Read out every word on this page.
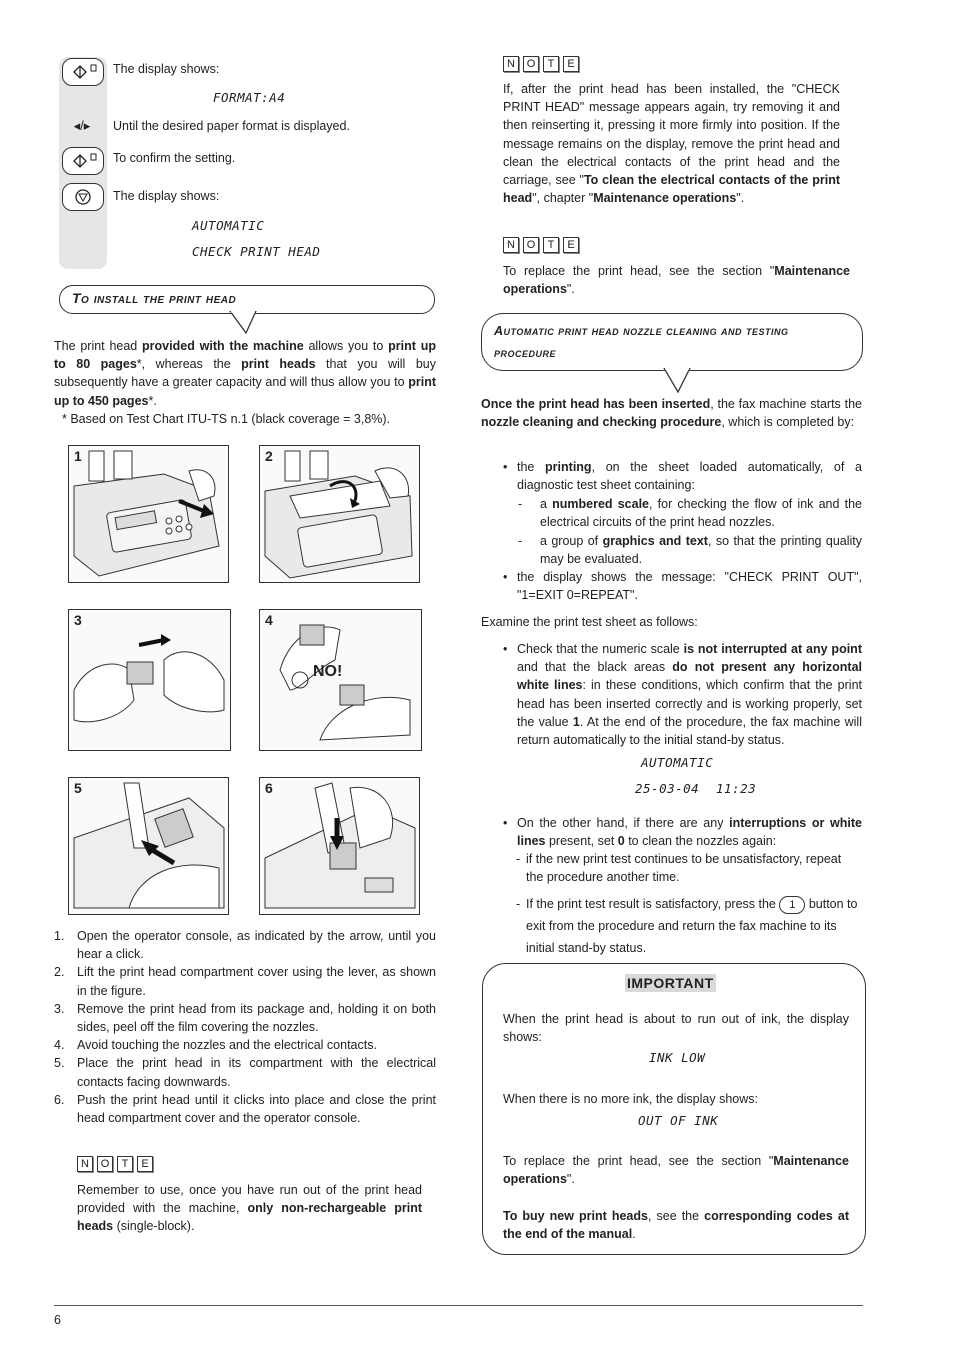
The display shows:
FORMAT:A4
◂/▸	Until the desired paper format is displayed.
To confirm the setting.
The display shows:
AUTOMATIC
CHECK PRINT HEAD
To install the print head
The print head provided with the machine allows you to print up to 80 pages*, whereas the print heads that you will buy subsequently have a greater capacity and will thus allow you to print up to 450 pages*.
* Based on Test Chart ITU-TS n.1 (black coverage = 3,8%).
1	2
3	4
NO!
5	6
1. Open the operator console, as indicated by the arrow, until you hear a click.
2. Lift the print head compartment cover using the lever, as shown in the figure.
3. Remove the print head from its package and, holding it on both sides, peel off the film covering the nozzles.
4. Avoid touching the nozzles and the electrical contacts.
5. Place the print head in its compartment with the electrical contacts facing downwards.
6. Push the print head until it clicks into place and close the print head compartment cover and the operator console.
N	O	T	E
Remember to use, once you have run out of the print head provided with the machine, only non-rechargeable print heads (single-block).
N	O	T	E
If, after the print head has been installed, the "CHECK PRINT HEAD" message appears again, try removing it and then reinserting it, pressing it more firmly into position. If the message remains on the display, remove the print head and clean the electrical contacts of the print head and the carriage, see "To clean the electrical contacts of the print head", chapter "Maintenance operations".
N	O	T	E
To replace the print head, see the section "Maintenance operations".
Automatic print head nozzle cleaning and testing procedure
Once the print head has been inserted, the fax machine starts the nozzle cleaning and checking procedure, which is completed by:
• the printing, on the sheet loaded automatically, of a diagnostic test sheet containing:
- a numbered scale, for checking the flow of ink and the electrical circuits of the print head nozzles.
- a group of graphics and text, so that the printing quality may be evaluated.
• the display shows the message: "CHECK PRINT OUT", "1=EXIT 0=REPEAT".
Examine the print test sheet as follows:
• Check that the numeric scale is not interrupted at any point and that the black areas do not present any horizontal white lines: in these conditions, which confirm that the print head has been inserted correctly and is working properly, set the value 1. At the end of the procedure, the fax machine will return automatically to the initial stand-by status.
AUTOMATIC
25-03-04 11:23
• On the other hand, if there are any interruptions or white lines present, set 0 to clean the nozzles again:
- if the new print test continues to be unsatisfactory, repeat the procedure another time.
- If the print test result is satisfactory, press the 1 button to exit from the procedure and return the fax machine to its initial stand-by status.
IMPORTANT
When the print head is about to run out of ink, the display shows:
INK LOW
When there is no more ink, the display shows:
OUT OF INK
To replace the print head, see the section "Maintenance operations".
To buy new print heads, see the corresponding codes at the end of the manual.
6
